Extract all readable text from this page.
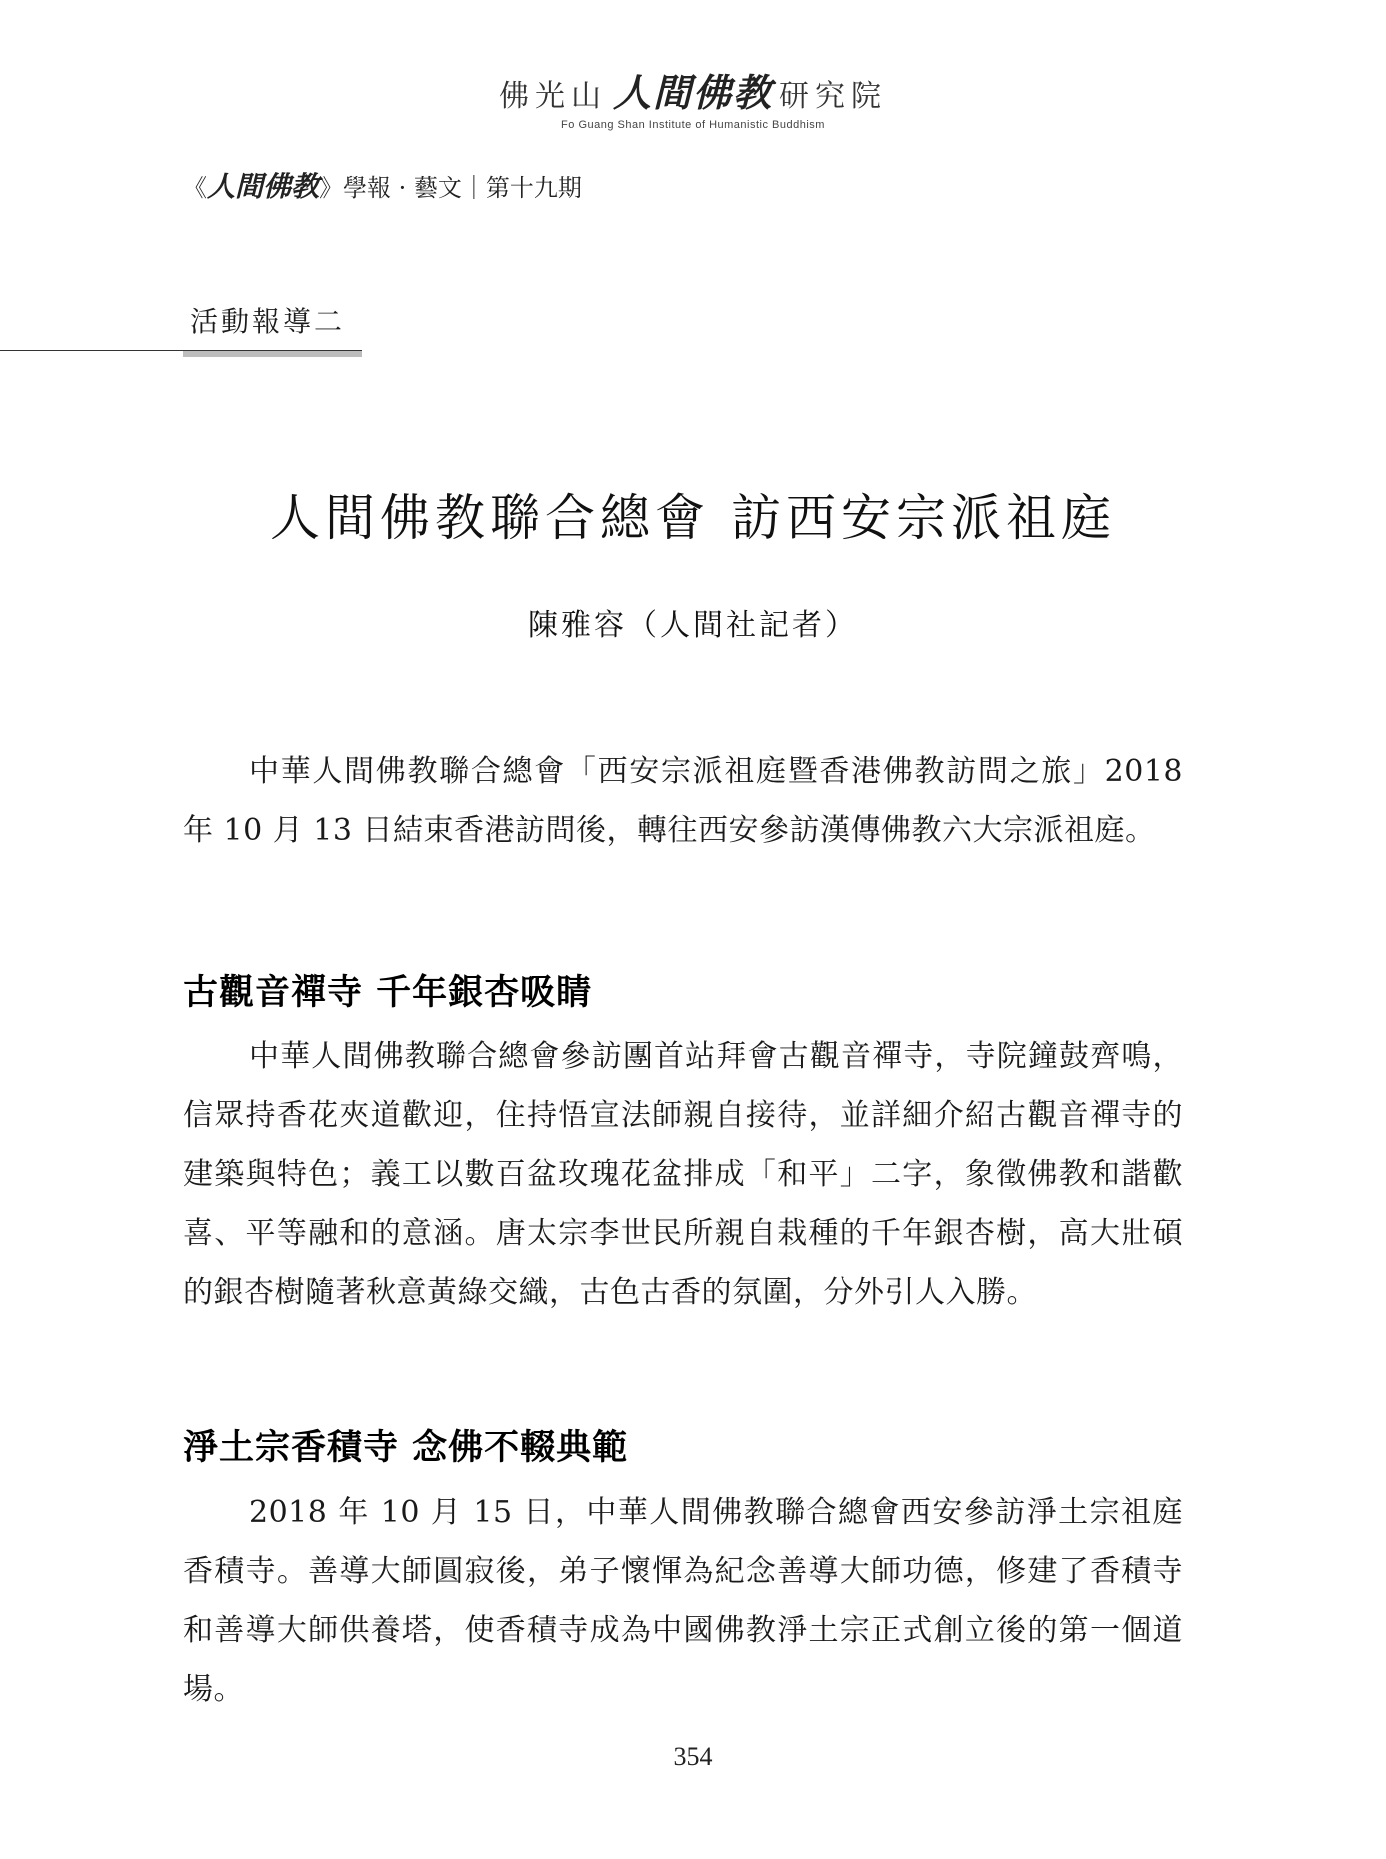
佛光山 人間佛教 研究院
Fo Guang Shan Institute of Humanistic Buddhism
《人間佛教》學報 · 藝文｜第十九期
活動報導二
人間佛教聯合總會 訪西安宗派祖庭
陳雅容（人間社記者）

中華人間佛教聯合總會「西安宗派祖庭暨香港佛教訪問之旅」2018 年 10 月 13 日結束香港訪問後，轉往西安參訪漢傳佛教六大宗派祖庭。

古觀音禪寺 千年銀杏吸睛

中華人間佛教聯合總會參訪團首站拜會古觀音禪寺，寺院鐘鼓齊鳴，信眾持香花夾道歡迎，住持悟宣法師親自接待，並詳細介紹古觀音禪寺的建築與特色；義工以數百盆玫瑰花盆排成「和平」二字，象徵佛教和諧歡喜、平等融和的意涵。唐太宗李世民所親自栽種的千年銀杏樹，高大壯碩的銀杏樹隨著秋意黃綠交織，古色古香的氛圍，分外引人入勝。

淨土宗香積寺 念佛不輟典範

2018 年 10 月 15 日，中華人間佛教聯合總會西安參訪淨土宗祖庭香積寺。善導大師圓寂後，弟子懷惲為紀念善導大師功德，修建了香積寺和善導大師供養塔，使香積寺成為中國佛教淨土宗正式創立後的第一個道場。

354
